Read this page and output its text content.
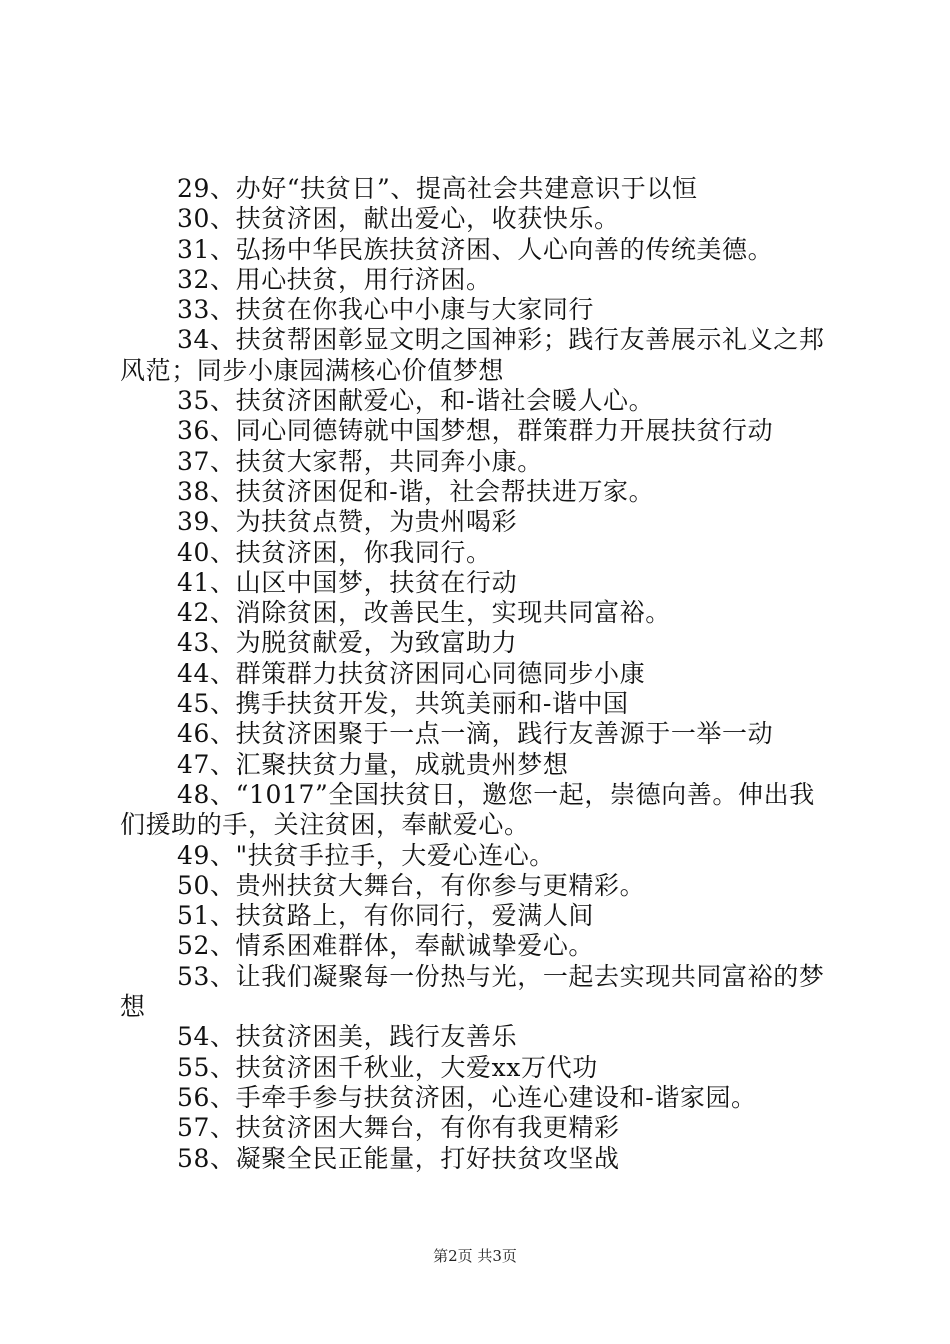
29、办好“扶贫日”、提高社会共建意识于以恒

30、扶贫济困，献出爱心，收获快乐。

31、弘扬中华民族扶贫济困、人心向善的传统美德。

32、用心扶贫，用行济困。

33、扶贫在你我心中小康与大家同行

34、扶贫帮困彰显文明之国神彩；践行友善展示礼义之邦风范；同步小康园满核心价值梦想

35、扶贫济困献爱心，和-谐社会暖人心。

36、同心同德铸就中国梦想，群策群力开展扶贫行动

37、扶贫大家帮，共同奔小康。

38、扶贫济困促和-谐，社会帮扶进万家。

39、为扶贫点赞，为贵州喝彩

40、扶贫济困，你我同行。

41、山区中国梦，扶贫在行动

42、消除贫困，改善民生，实现共同富裕。

43、为脱贫献爱，为致富助力

44、群策群力扶贫济困同心同德同步小康

45、携手扶贫开发，共筑美丽和-谐中国

46、扶贫济困聚于一点一滴，践行友善源于一举一动

47、汇聚扶贫力量，成就贵州梦想

48、“1017”全国扶贫日，邀您一起，崇德向善。伸出我们援助的手，关注贫困，奉献爱心。

49、"扶贫手拉手，大爱心连心。

50、贵州扶贫大舞台，有你参与更精彩。

51、扶贫路上，有你同行，爱满人间

52、情系困难群体，奉献诚挚爱心。

53、让我们凝聚每一份热与光，一起去实现共同富裕的梦想

54、扶贫济困美，践行友善乐

55、扶贫济困千秋业，大爱xx万代功

56、手牵手参与扶贫济困，心连心建设和-谐家园。

57、扶贫济困大舞台，有你有我更精彩

58、凝聚全民正能量，打好扶贫攻坚战

第2页 共3页
